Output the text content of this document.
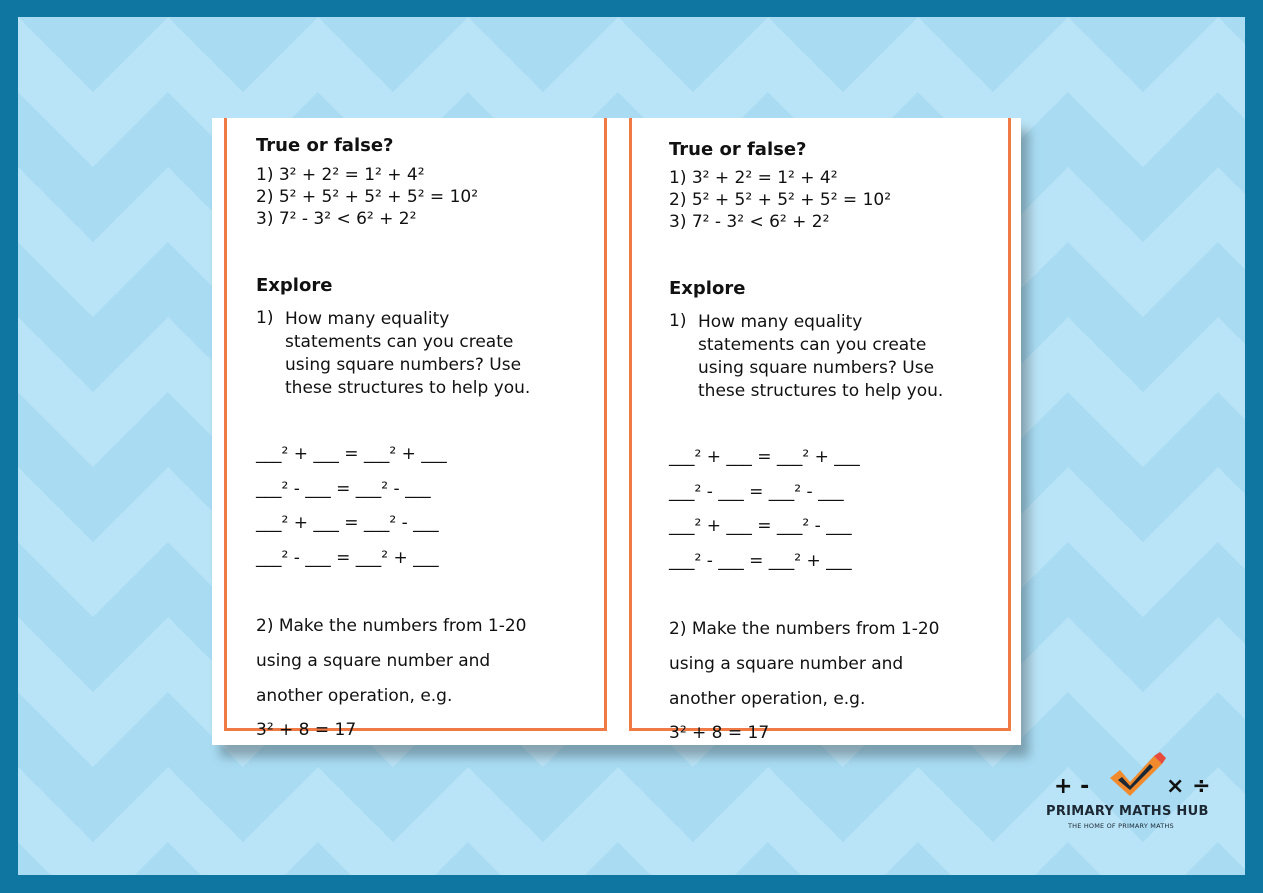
True or false?
1) 3² + 2² = 1² + 4²
2) 5² + 5² + 5² + 5² = 10²
3) 7² - 3² < 6² + 2²
Explore
1) How many equality
statements can you create
using square numbers? Use
these structures to help you.
___² + ___ = ___² + ___
___² - ___ = ___² - ___
___² + ___ = ___² - ___
___² - ___ = ___² + ___
2) Make the numbers from 1-20
using a square number and
another operation, e.g.
3² + 8 = 17
True or false?
1) 3² + 2² = 1² + 4²
2) 5² + 5² + 5² + 5² = 10²
3) 7² - 3² < 6² + 2²
Explore
1) How many equality
statements can you create
using square numbers? Use
these structures to help you.
___² + ___ = ___² + ___
___² - ___ = ___² - ___
___² + ___ = ___² - ___
___² - ___ = ___² + ___
2) Make the numbers from 1-20
using a square number and
another operation, e.g.
3² + 8 = 17
+ -	× ÷
PRIMARY MATHS HUB
THE HOME OF PRIMARY MATHS
